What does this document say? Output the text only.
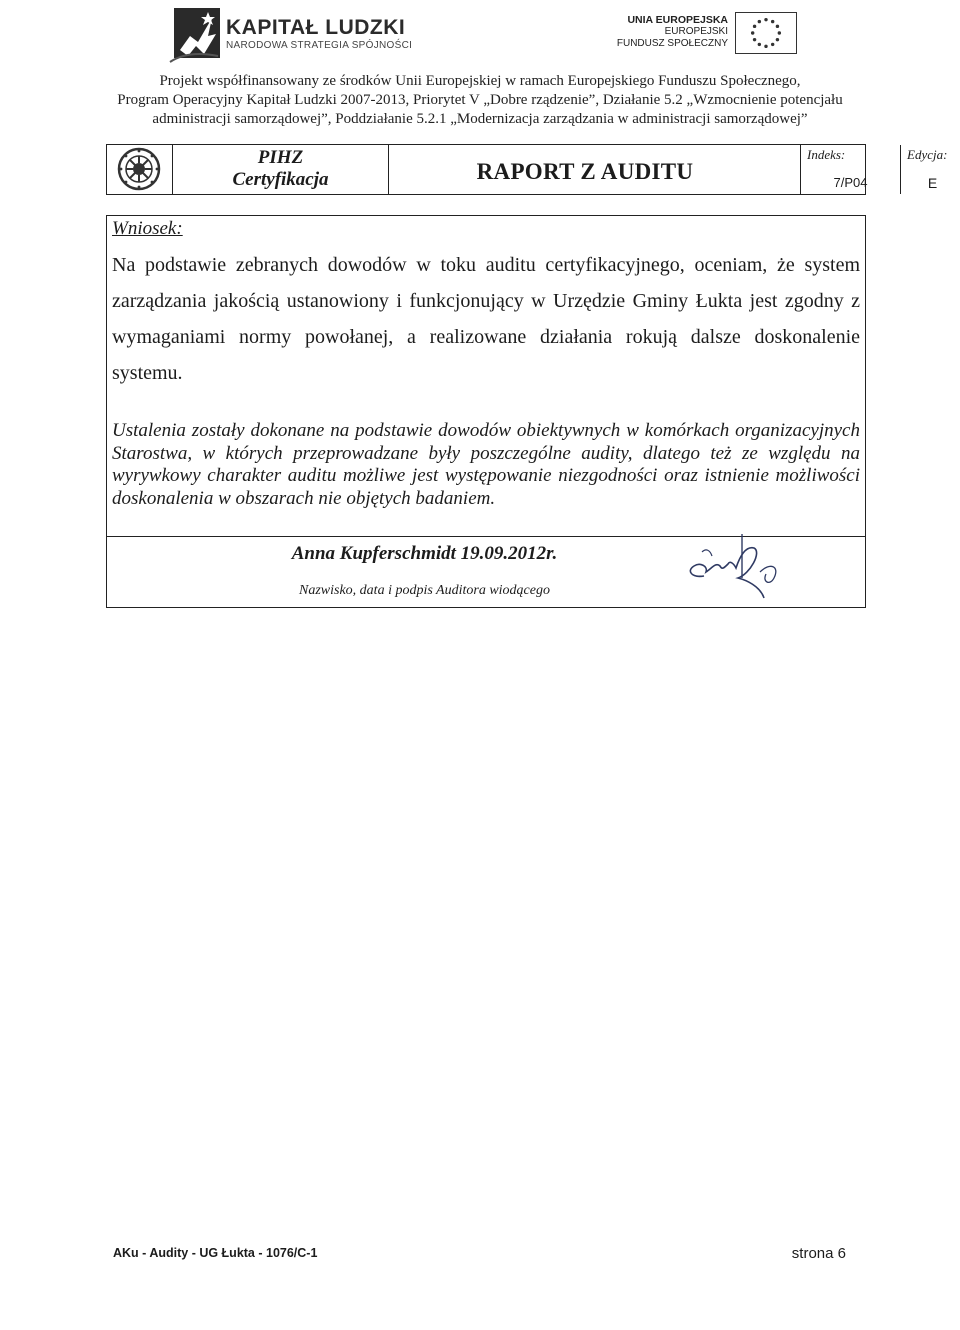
KAPITAŁ LUDZKI
NARODOWA STRATEGIA SPÓJNOŚCI
UNIA EUROPEJSKA
EUROPEJSKI
FUNDUSZ SPOŁECZNY
Projekt współfinansowany ze środków Unii Europejskiej w ramach Europejskiego Funduszu Społecznego,
Program Operacyjny Kapitał Ludzki 2007-2013, Priorytet V „Dobre rządzenie”, Działanie 5.2 „Wzmocnienie potencjału
administracji samorządowej”, Poddziałanie 5.2.1 „Modernizacja zarządzania w administracji samorządowej”
PIHZ
Certyfikacja	RAPORT Z AUDITU
Indeks:
7/P04
Edycja:
E
Wniosek:
Na podstawie zebranych dowodów w toku auditu certyfikacyjnego, oceniam, że system zarządzania jakością ustanowiony i funkcjonujący w Urzędzie Gminy Łukta jest zgodny z wymaganiami normy powołanej, a realizowane działania rokują dalsze doskonalenie systemu.
Ustalenia zostały dokonane na podstawie dowodów obiektywnych w komórkach organizacyjnych Starostwa, w których przeprowadzane były poszczególne audity, dlatego też ze względu na wyrywkowy charakter auditu możliwe jest występowanie niezgodności oraz istnienie możliwości doskonalenia w obszarach nie objętych badaniem.
Anna Kupferschmidt 19.09.2012r.
Nazwisko, data i podpis Auditora wiodącego
AKu - Audity - UG Łukta - 1076/C-1	strona 6
